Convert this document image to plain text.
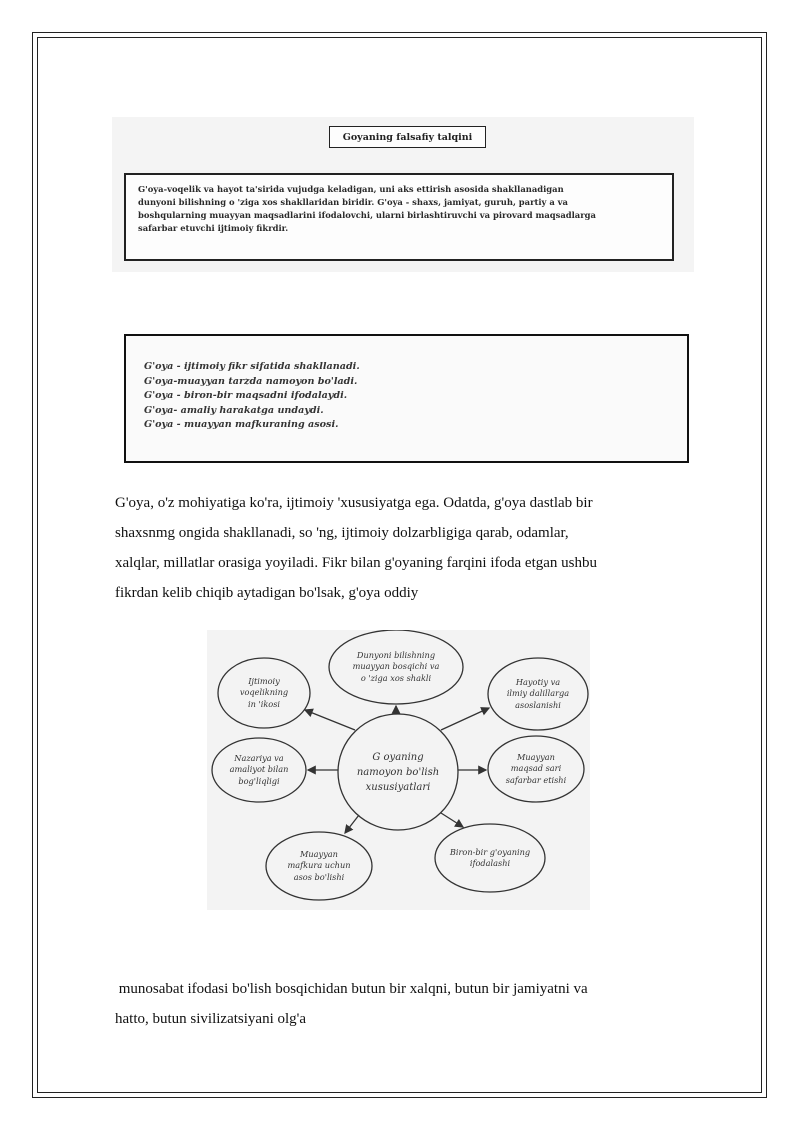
Goyaning falsafiy talqini

G'oya-voqelik va hayot ta'sirida vujudga keladigan, uni aks ettirish asosida shakllanadigan

dunyoni bilishning o 'ziga xos shakllaridan biridir. G'oya - shaxs, jamiyat, guruh, partiy a va

boshqularning muayyan maqsadlarini ifodalovchi, ularni birlashtiruvchi va pirovard maqsadlarga

safarbar etuvchi ijtimoiy fikrdir.

G'oya - ijtimoiy fikr sifatida shakllanadi.
G'oya-muayyan tarzda namoyon bo'ladi.
G'oya - biron-bir maqsadni ifodalaydi.
G'oya- amaliy harakatga undaydi.
G'oya - muayyan mafkuraning asosi.
G'oya, o'z mohiyatiga ko'ra, ijtimoiy 'xususiyatga ega. Odatda, g'oya dastlab bir
shaxsnmg ongida shakllanadi, so 'ng, ijtimoiy dolzarbligiga qarab, odamlar,
xalqlar, millatlar orasiga yoyiladi. Fikr bilan g'oyaning farqini ifoda etgan ushbu
fikrdan kelib chiqib aytadigan bo'lsak, g'oya oddiy
G oyaning
namoyon bo'lish
xususiyatlari
Dunyoni bilishning
muayyan bosqichi va
o 'ziga xos shakli
Ijtimoiy
voqelikning
in 'ikosi
Hayotiy va
ilmiy dalillarga
asoslanishi
Nazariya va
amaliyot bilan
bog'liqligi
Muayyan
maqsad sari
safarbar etishi
Muayyan
mafkura uchun
asos bo'lishi
Biron-bir g'oyaning
ifodalashi
munosabat ifodasi bo'lish bosqichidan butun bir xalqni, butun bir jamiyatni va
hatto, butun sivilizatsiyani olg'a
